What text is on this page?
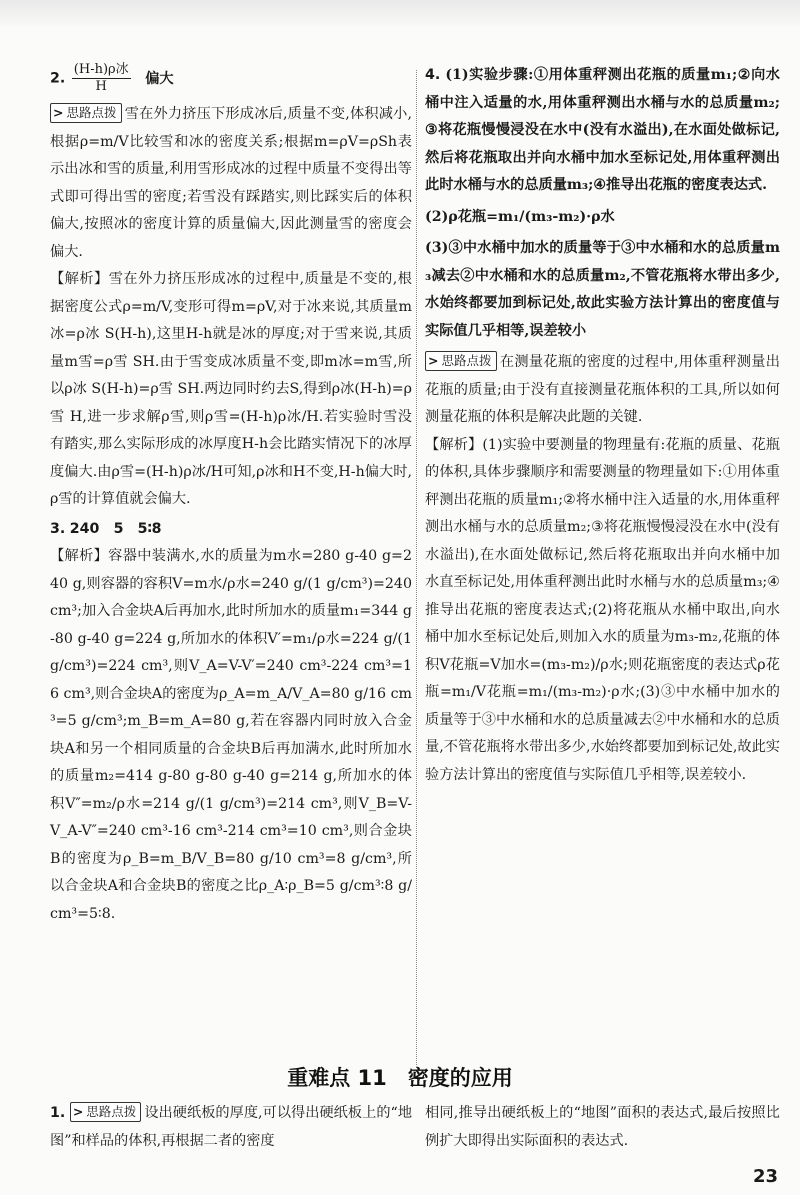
2. $\frac{\text{(H-h)ρ冰}}{H}$ 偏大

> 思路点拨 雪在外力挤压下形成冰后,质量不变,体积减小,根据ρ=m/V比较雪和冰的密度关系;根据m=ρV=ρSh表示出冰和雪的质量,利用雪形成冰的过程中质量不变得出等式即可得出雪的密度;若雪没有踩踏实,则比踩实后的体积偏大,按照冰的密度计算的质量偏大,因此测量雪的密度会偏大.

【解析】雪在外力挤压形成冰的过程中,质量是不变的,根据密度公式ρ=m/V,变形可得m=ρV,对于冰来说,其质量m冰=ρ冰 S(H-h),这里H-h就是冰的厚度;对于雪来说,其质量m雪=ρ雪 SH.由于雪变成冰质量不变,即m冰=m雪,所以ρ冰 S(H-h)=ρ雪 SH.两边同时约去S,得到ρ冰(H-h)=ρ雪 H,进一步求解ρ雪,则ρ雪=(H-h)ρ冰/H.若实验时雪没有踏实,那么实际形成的冰厚度H-h会比踏实情况下的冰厚度偏大.由ρ雪=(H-h)ρ冰/H可知,ρ冰和H不变,H-h偏大时,ρ雪的计算值就会偏大.

3. 240　5　5∶8

【解析】容器中装满水,水的质量为m水=280 g-40 g=240 g,则容器的容积V=m水/ρ水=240 g/(1 g/cm³)=240 cm³;加入合金块A后再加水,此时所加水的质量m₁=344 g-80 g-40 g=224 g,所加水的体积V′=m₁/ρ水=224 g/(1 g/cm³)=224 cm³,则V_A=V-V′=240 cm³-224 cm³=16 cm³,则合金块A的密度为ρ_A=m_A/V_A=80 g/16 cm³=5 g/cm³;m_B=m_A=80 g,若在容器内同时放入合金块A和另一个相同质量的合金块B后再加满水,此时所加水的质量m₂=414 g-80 g-80 g-40 g=214 g,所加水的体积V″=m₂/ρ水=214 g/(1 g/cm³)=214 cm³,则V_B=V-V_A-V″=240 cm³-16 cm³-214 cm³=10 cm³,则合金块B的密度为ρ_B=m_B/V_B=80 g/10 cm³=8 g/cm³,所以合金块A和合金块B的密度之比ρ_A∶ρ_B=5 g/cm³∶8 g/cm³=5∶8.

4. (1)实验步骤:①用体重秤测出花瓶的质量m₁;②向水桶中注入适量的水,用体重秤测出水桶与水的总质量m₂;③将花瓶慢慢浸没在水中(没有水溢出),在水面处做标记,然后将花瓶取出并向水桶中加水至标记处,用体重秤测出此时水桶与水的总质量m₃;④推导出花瓶的密度表达式.

(2)ρ花瓶=m₁/(m₃-m₂)·ρ水

(3)③中水桶中加水的质量等于③中水桶和水的总质量m₃减去②中水桶和水的总质量m₂,不管花瓶将水带出多少,水始终都要加到标记处,故此实验方法计算出的密度值与实际值几乎相等,误差较小

> 思路点拨 在测量花瓶的密度的过程中,用体重秤测量出花瓶的质量;由于没有直接测量花瓶体积的工具,所以如何测量花瓶的体积是解决此题的关键.

【解析】(1)实验中要测量的物理量有:花瓶的质量、花瓶的体积,具体步骤顺序和需要测量的物理量如下:①用体重秤测出花瓶的质量m₁;②将水桶中注入适量的水,用体重秤测出水桶与水的总质量m₂;③将花瓶慢慢浸没在水中(没有水溢出),在水面处做标记,然后将花瓶取出并向水桶中加水直至标记处,用体重秤测出此时水桶与水的总质量m₃;④推导出花瓶的密度表达式;(2)将花瓶从水桶中取出,向水桶中加水至标记处后,则加入水的质量为m₃-m₂,花瓶的体积V花瓶=V加水=(m₃-m₂)/ρ水;则花瓶密度的表达式ρ花瓶=m₁/V花瓶=m₁/(m₃-m₂)·ρ水;(3)③中水桶中加水的质量等于③中水桶和水的总质量减去②中水桶和水的总质量,不管花瓶将水带出多少,水始终都要加到标记处,故此实验方法计算出的密度值与实际值几乎相等,误差较小.

重难点 11　密度的应用

1. > 思路点拨 设出硬纸板的厚度,可以得出硬纸板上的“地图”和样品的体积,再根据二者的密度

相同,推导出硬纸板上的“地图”面积的表达式,最后按照比例扩大即得出实际面积的表达式.

23
